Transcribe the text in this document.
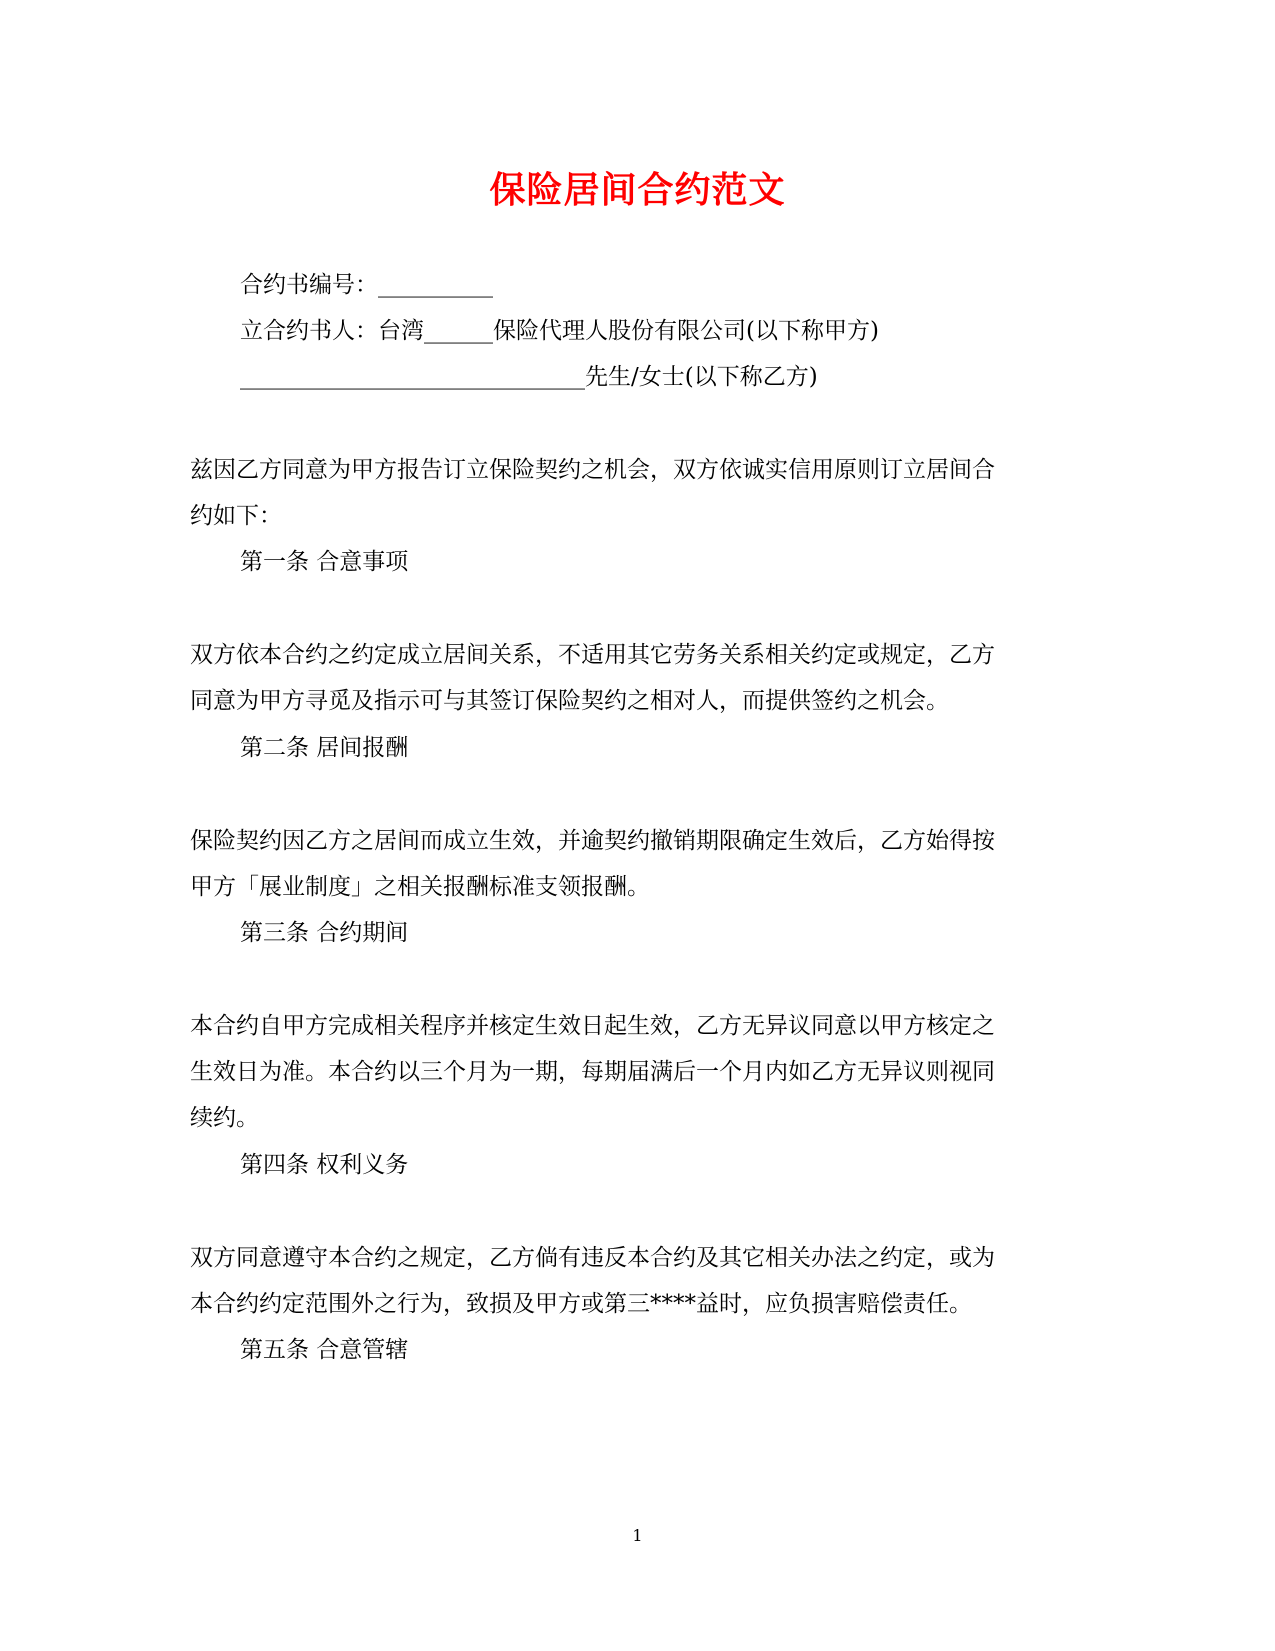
保险居间合约范文
合约书编号：__________
立合约书人：台湾______保险代理人股份有限公司(以下称甲方)
______________________________先生/女士(以下称乙方)
兹因乙方同意为甲方报告订立保险契约之机会，双方依诚实信用原则订立居间合
约如下：
第一条 合意事项
双方依本合约之约定成立居间关系，不适用其它劳务关系相关约定或规定，乙方
同意为甲方寻觅及指示可与其签订保险契约之相对人，而提供签约之机会。
第二条 居间报酬
保险契约因乙方之居间而成立生效，并逾契约撤销期限确定生效后，乙方始得按
甲方「展业制度」之相关报酬标准支领报酬。
第三条 合约期间
本合约自甲方完成相关程序并核定生效日起生效，乙方无异议同意以甲方核定之
生效日为准。本合约以三个月为一期，每期届满后一个月内如乙方无异议则视同
续约。
第四条 权利义务
双方同意遵守本合约之规定，乙方倘有违反本合约及其它相关办法之约定，或为
本合约约定范围外之行为，致损及甲方或第三****益时，应负损害赔偿责任。
第五条 合意管辖
1
